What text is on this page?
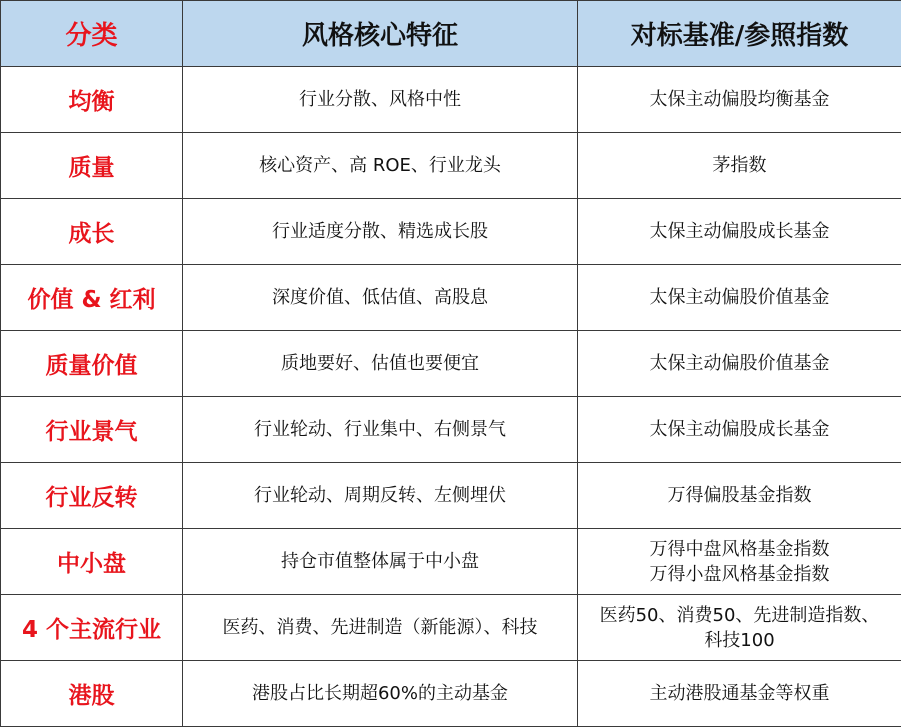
分类	风格核心特征	对标基准/参照指数
均衡	行业分散、风格中性	太保主动偏股均衡基金

质量	核心资产、高 ROE、行业龙头	茅指数

成长	行业适度分散、精选成长股	太保主动偏股成长基金

价值 & 红利	深度价值、低估值、高股息	太保主动偏股价值基金

质量价值	质地要好、估值也要便宜	太保主动偏股价值基金

行业景气	行业轮动、行业集中、右侧景气	太保主动偏股成长基金

行业反转	行业轮动、周期反转、左侧埋伏	万得偏股基金指数

中小盘	持仓市值整体属于中小盘	万得中盘风格基金指数
万得小盘风格基金指数

4 个主流行业	医药、消费、先进制造（新能源）、科技	医药50、消费50、先进制造指数、
科技100

港股	港股占比长期超60%的主动基金	主动港股通基金等权重
